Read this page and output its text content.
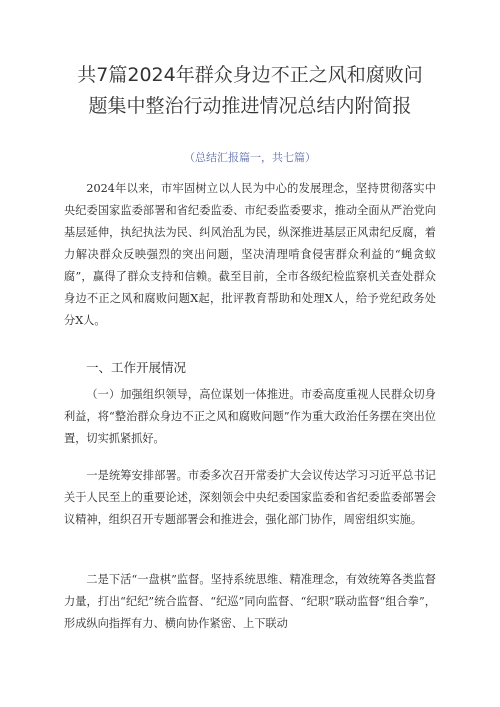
共7篇2024年群众身边不正之风和腐败问
题集中整治行动推进情况总结内附简报
（总结汇报篇一，共七篇）

2024年以来，市牢固树立以人民为中心的发展理念，坚持贯彻落实中央纪委国家监委部署和省纪委监委、市纪委监委要求，推动全面从严治党向基层延伸，执纪执法为民、纠风治乱为民，纵深推进基层正风肃纪反腐，着力解决群众反映强烈的突出问题，坚决清理啃食侵害群众利益的“蝇贪蚁腐”，赢得了群众支持和信赖。截至目前，全市各级纪检监察机关查处群众身边不正之风和腐败问题X起，批评教育帮助和处理X人，给予党纪政务处分X人。

一、工作开展情况

（一）加强组织领导，高位谋划一体推进。市委高度重视人民群众切身利益，将“整治群众身边不正之风和腐败问题”作为重大政治任务摆在突出位置，切实抓紧抓好。

一是统筹安排部署。市委多次召开常委扩大会议传达学习习近平总书记关于人民至上的重要论述，深刻领会中央纪委国家监委和省纪委监委部署会议精神，组织召开专题部署会和推进会，强化部门协作，周密组织实施。

二是下活“一盘棋”监督。坚持系统思维、精准理念，有效统筹各类监督力量，打出“纪纪”统合监督、“纪巡”同向监督、“纪职”联动监督“组合拳”，形成纵向指挥有力、横向协作紧密、上下联动
